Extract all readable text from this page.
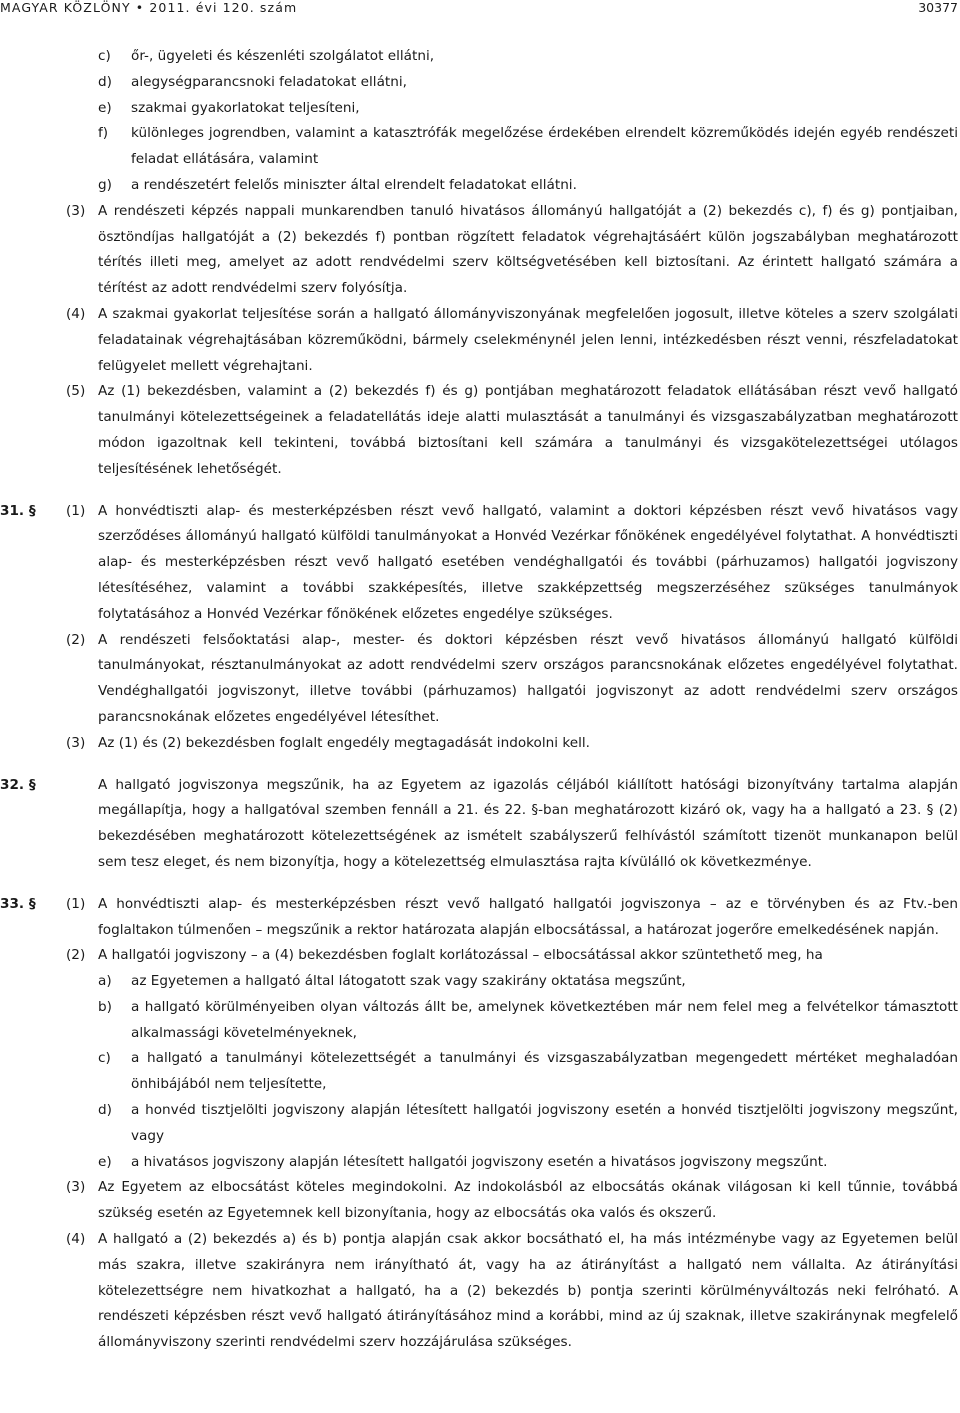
MAGYAR KÖZLÖNY • 2011. évi 120. szám	30377
c) őr-, ügyeleti és készenléti szolgálatot ellátni,
d) alegységparancsnoki feladatokat ellátni,
e) szakmai gyakorlatokat teljesíteni,
f) különleges jogrendben, valamint a katasztrófák megelőzése érdekében elrendelt közreműködés idején egyéb rendészeti feladat ellátására, valamint
g) a rendészetért felelős miniszter által elrendelt feladatokat ellátni.
(3) A rendészeti képzés nappali munkarendben tanuló hivatásos állományú hallgatóját a (2) bekezdés c), f) és g) pontjaiban, ösztöndíjas hallgatóját a (2) bekezdés f) pontban rögzített feladatok végrehajtásáért külön jogszabályban meghatározott térítés illeti meg, amelyet az adott rendvédelmi szerv költségvetésében kell biztosítani. Az érintett hallgató számára a térítést az adott rendvédelmi szerv folyósítja.
(4) A szakmai gyakorlat teljesítése során a hallgató állományviszonyának megfelelően jogosult, illetve köteles a szerv szolgálati feladatainak végrehajtásában közreműködni, bármely cselekménynél jelen lenni, intézkedésben részt venni, részfeladatokat felügyelet mellett végrehajtani.
(5) Az (1) bekezdésben, valamint a (2) bekezdés f) és g) pontjában meghatározott feladatok ellátásában részt vevő hallgató tanulmányi kötelezettségeinek a feladatellátás ideje alatti mulasztását a tanulmányi és vizsgaszabályzatban meghatározott módon igazoltnak kell tekinteni, továbbá biztosítani kell számára a tanulmányi és vizsgakötelezettségei utólagos teljesítésének lehetőségét.
31. § (1) A honvédtiszti alap- és mesterképzésben részt vevő hallgató, valamint a doktori képzésben részt vevő hivatásos vagy szerződéses állományú hallgató külföldi tanulmányokat a Honvéd Vezérkar főnökének engedélyével folytathat. A honvédtiszti alap- és mesterképzésben részt vevő hallgató esetében vendéghallgatói és további (párhuzamos) hallgatói jogviszony létesítéséhez, valamint a további szakképesítés, illetve szakképzettség megszerzéséhez szükséges tanulmányok folytatásához a Honvéd Vezérkar főnökének előzetes engedélye szükséges.
(2) A rendészeti felsőoktatási alap-, mester- és doktori képzésben részt vevő hivatásos állományú hallgató külföldi tanulmányokat, résztanulmányokat az adott rendvédelmi szerv országos parancsnokának előzetes engedélyével folytathat. Vendéghallgatói jogviszonyt, illetve további (párhuzamos) hallgatói jogviszonyt az adott rendvédelmi szerv országos parancsnokának előzetes engedélyével létesíthet.
(3) Az (1) és (2) bekezdésben foglalt engedély megtagadását indokolni kell.
32. §	A hallgató jogviszonya megszűnik, ha az Egyetem az igazolás céljából kiállított hatósági bizonyítvány tartalma alapján megállapítja, hogy a hallgatóval szemben fennáll a 21. és 22. §-ban meghatározott kizáró ok, vagy ha a hallgató a 23. § (2) bekezdésében meghatározott kötelezettségének az ismételt szabályszerű felhívástól számított tizenöt munkanapon belül sem tesz eleget, és nem bizonyítja, hogy a kötelezettség elmulasztása rajta kívülálló ok következménye.
33. § (1) A honvédtiszti alap- és mesterképzésben részt vevő hallgató hallgatói jogviszonya – az e törvényben és az Ftv.-ben foglaltakon túlmenően – megszűnik a rektor határozata alapján elbocsátással, a határozat jogerőre emelkedésének napján.
(2) A hallgatói jogviszony – a (4) bekezdésben foglalt korlátozással – elbocsátással akkor szüntethető meg, ha
a) az Egyetemen a hallgató által látogatott szak vagy szakirány oktatása megszűnt,
b) a hallgató körülményeiben olyan változás állt be, amelynek következtében már nem felel meg a felvételkor támasztott alkalmassági követelményeknek,
c) a hallgató a tanulmányi kötelezettségét a tanulmányi és vizsgaszabályzatban megengedett mértéket meghaladóan önhibájából nem teljesítette,
d) a honvéd tisztjelölti jogviszony alapján létesített hallgatói jogviszony esetén a honvéd tisztjelölti jogviszony megszűnt, vagy
e) a hivatásos jogviszony alapján létesített hallgatói jogviszony esetén a hivatásos jogviszony megszűnt.
(3) Az Egyetem az elbocsátást köteles megindokolni. Az indokolásból az elbocsátás okának világosan ki kell tűnnie, továbbá szükség esetén az Egyetemnek kell bizonyítania, hogy az elbocsátás oka valós és okszerű.
(4) A hallgató a (2) bekezdés a) és b) pontja alapján csak akkor bocsátható el, ha más intézménybe vagy az Egyetemen belül más szakra, illetve szakirányra nem irányítható át, vagy ha az átirányítást a hallgató nem vállalta. Az átirányítási kötelezettségre nem hivatkozhat a hallgató, ha a (2) bekezdés b) pontja szerinti körülményváltozás neki felróható. A rendészeti képzésben részt vevő hallgató átirányításához mind a korábbi, mind az új szaknak, illetve szakiránynak megfelelő állományviszony szerinti rendvédelmi szerv hozzájárulása szükséges.
